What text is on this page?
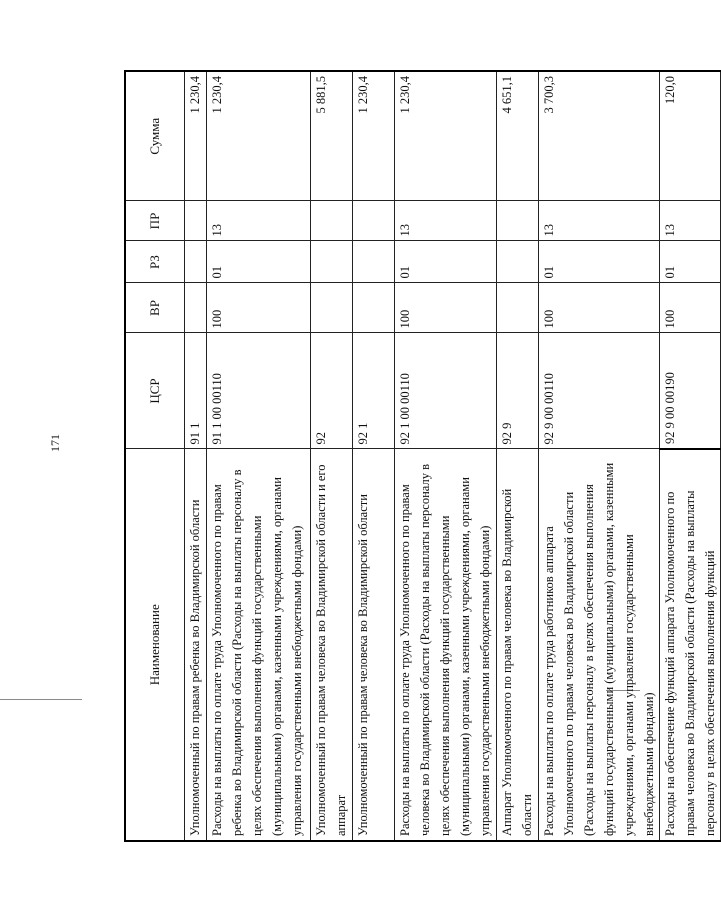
171
Наименование	ЦСР	ВР	РЗ	ПР	Сумма
Уполномоченный по правам ребенка во Владимирской области	91 1				1 230,4
Расходы на выплаты по оплате труда Уполномоченного по правам ребенка во Владимирской области (Расходы на выплаты персоналу в целях обеспечения выполнения функций государственными (муниципальными) органами, казенными учреждениями, органами управления государственными внебюджетными фондами)	91 1 00 00110	100	01	13	1 230,4
Уполномоченный по правам человека во Владимирской области и его аппарат	92				5 881,5
Уполномоченный по правам человека во Владимирской области	92 1				1 230,4
Расходы на выплаты по оплате труда Уполномоченного по правам человека во Владимирской области (Расходы на выплаты персоналу в целях обеспечения выполнения функций государственными (муниципальными) органами, казенными учреждениями, органами управления государственными внебюджетными фондами)	92 1 00 00110	100	01	13	1 230,4
Аппарат Уполномоченного по правам человека во Владимирской области	92 9				4 651,1
Расходы на выплаты по оплате труда работников аппарата Уполномоченного по правам человека во Владимирской области (Расходы на выплаты персоналу в целях обеспечения выполнения функций государственными (муниципальными) органами, казенными учреждениями, органами управления государственными внебюджетными фондами)	92 9 00 00110	100	01	13	3 700,3
Расходы на обеспечение функций аппарата Уполномоченного по правам человека во Владимирской области (Расходы на выплаты персоналу в целях обеспечения выполнения функций	92 9 00 00190	100	01	13	120,0
